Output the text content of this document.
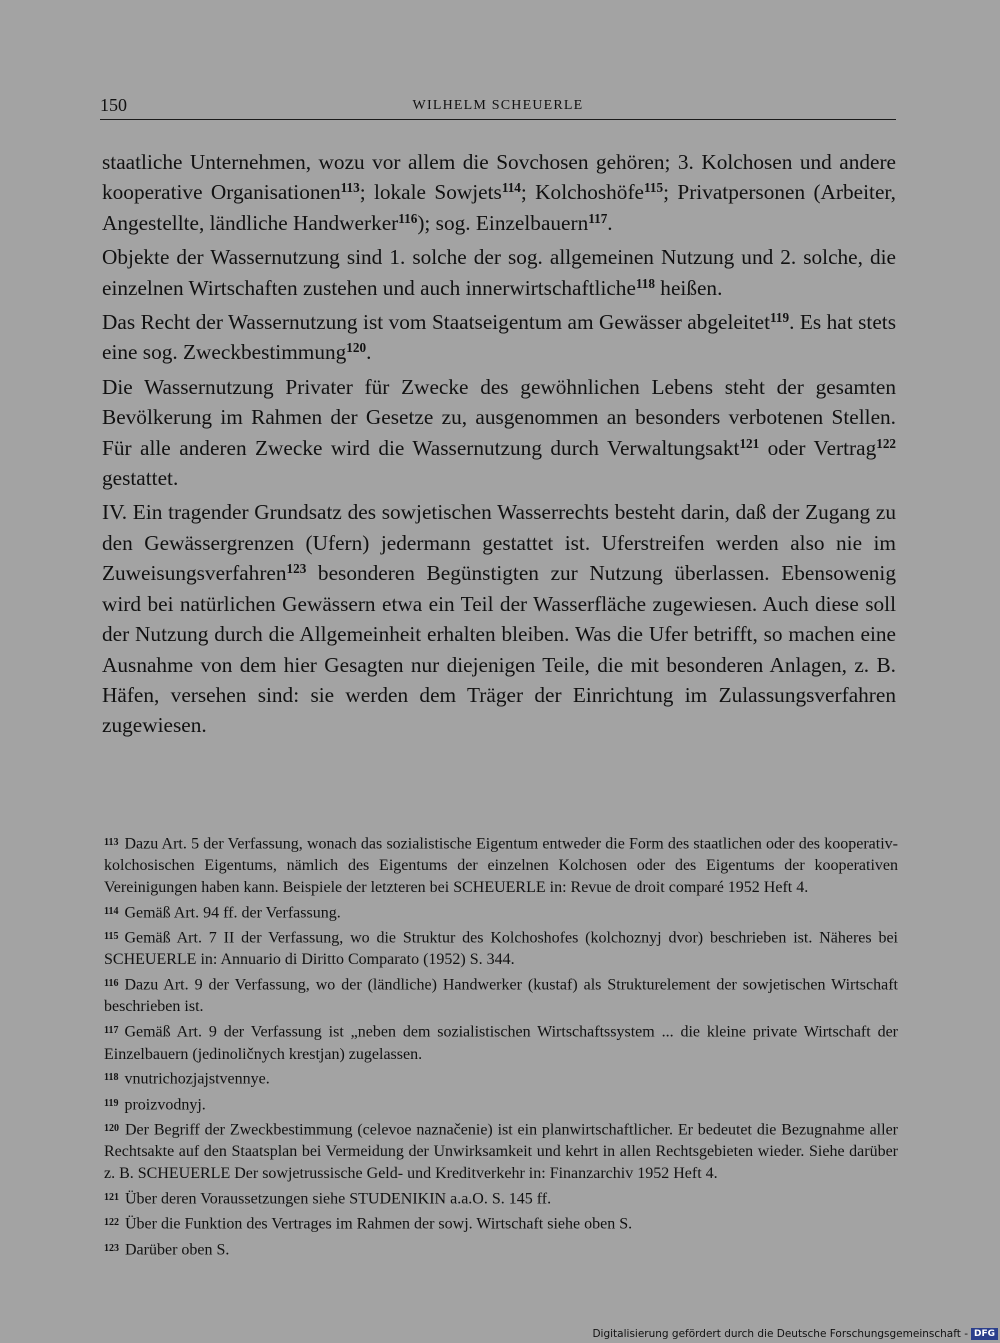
150	WILHELM SCHEUERLE

staatliche Unternehmen, wozu vor allem die Sovchosen gehören; 3. Kolchosen und andere kooperative Organisationen$^{113}$; lokale Sowjets$^{114}$; Kolchoshöfe$^{115}$; Privatpersonen (Arbeiter, Angestellte, ländliche Handwerker$^{116}$); sog. Einzelbauern$^{117}$.

Objekte der Wassernutzung sind 1. solche der sog. allgemeinen Nutzung und 2. solche, die einzelnen Wirtschaften zustehen und auch innerwirtschaftliche$^{118}$ heißen.

Das Recht der Wassernutzung ist vom Staatseigentum am Gewässer abgeleitet$^{119}$. Es hat stets eine sog. Zweckbestimmung$^{120}$.

Die Wassernutzung Privater für Zwecke des gewöhnlichen Lebens steht der gesamten Bevölkerung im Rahmen der Gesetze zu, ausgenommen an besonders verbotenen Stellen. Für alle anderen Zwecke wird die Wassernutzung durch Verwaltungsakt$^{121}$ oder Vertrag$^{122}$ gestattet.

IV. Ein tragender Grundsatz des sowjetischen Wasserrechts besteht darin, daß der Zugang zu den Gewässergrenzen (Ufern) jedermann gestattet ist. Uferstreifen werden also nie im Zuweisungsverfahren$^{123}$ besonderen Begünstigten zur Nutzung überlassen. Ebensowenig wird bei natürlichen Gewässern etwa ein Teil der Wasserfläche zugewiesen. Auch diese soll der Nutzung durch die Allgemeinheit erhalten bleiben. Was die Ufer betrifft, so machen eine Ausnahme von dem hier Gesagten nur diejenigen Teile, die mit besonderen Anlagen, z. B. Häfen, versehen sind: sie werden dem Träger der Einrichtung im Zulassungsverfahren zugewiesen.

$^{113}$ Dazu Art. 5 der Verfassung, wonach das sozialistische Eigentum entweder die Form des staatlichen oder des kooperativ-kolchosischen Eigentums, nämlich des Eigentums der einzelnen Kolchosen oder des Eigentums der kooperativen Vereinigungen haben kann. Beispiele der letzteren bei SCHEUERLE in: Revue de droit comparé 1952 Heft 4.
$^{114}$ Gemäß Art. 94 ff. der Verfassung.
$^{115}$ Gemäß Art. 7 II der Verfassung, wo die Struktur des Kolchoshofes (kolchoznyj dvor) beschrieben ist. Näheres bei SCHEUERLE in: Annuario di Diritto Comparato (1952) S. 344.
$^{116}$ Dazu Art. 9 der Verfassung, wo der (ländliche) Handwerker (kustaf) als Strukturelement der sowjetischen Wirtschaft beschrieben ist.
$^{117}$ Gemäß Art. 9 der Verfassung ist „neben dem sozialistischen Wirtschaftssystem ... die kleine private Wirtschaft der Einzelbauern (jedinoličnych krestjan) zugelassen.
$^{118}$ vnutrichozjajstvennye.
$^{119}$ proizvodnyj.
$^{120}$ Der Begriff der Zweckbestimmung (celevoe naznačenie) ist ein planwirtschaftlicher. Er bedeutet die Bezugnahme aller Rechtsakte auf den Staatsplan bei Vermeidung der Unwirksamkeit und kehrt in allen Rechtsgebieten wieder. Siehe darüber z. B. SCHEUERLE Der sowjetrussische Geld- und Kreditverkehr in: Finanzarchiv 1952 Heft 4.
$^{121}$ Über deren Voraussetzungen siehe STUDENIKIN a.a.O. S. 145 ff.
$^{122}$ Über die Funktion des Vertrages im Rahmen der sowj. Wirtschaft siehe oben S.
$^{123}$ Darüber oben S.
Digitalisierung gefördert durch die Deutsche Forschungsgemeinschaft - DFG
